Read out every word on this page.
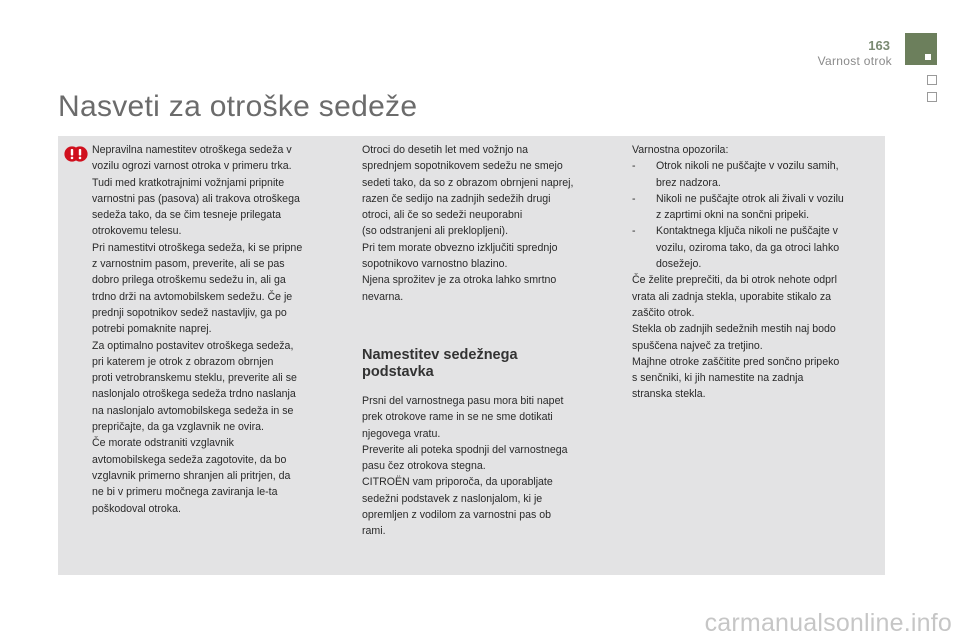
163
Varnost otrok
Nasveti za otroške sedeže

Nepravilna namestitev otroškega sedeža v
vozilu ogrozi varnost otroka v primeru trka.
Tudi med kratkotrajnimi vožnjami pripnite
varnostni pas (pasova) ali trakova otroškega
sedeža tako, da se čim tesneje prilegata
otrokovemu telesu.
Pri namestitvi otroškega sedeža, ki se pripne
z varnostnim pasom, preverite, ali se pas
dobro prilega otroškemu sedežu in, ali ga
trdno drži na avtomobilskem sedežu. Če je
prednji sopotnikov sedež nastavljiv, ga po
potrebi pomaknite naprej.
Za optimalno postavitev otroškega sedeža,
pri katerem je otrok z obrazom obrnjen
proti vetrobranskemu steklu, preverite ali se
naslonjalo otroškega sedeža trdno naslanja
na naslonjalo avtomobilskega sedeža in se
prepričajte, da ga vzglavnik ne ovira.
Če morate odstraniti vzglavnik
avtomobilskega sedeža zagotovite, da bo
vzglavnik primerno shranjen ali pritrjen, da
ne bi v primeru močnega zaviranja le-ta
poškodoval otroka.

Otroci do desetih let med vožnjo na
sprednjem sopotnikovem sedežu ne smejo
sedeti tako, da so z obrazom obrnjeni naprej,
razen če sedijo na zadnjih sedežih drugi
otroci, ali če so sedeži neuporabni
(so odstranjeni ali preklopljeni).
Pri tem morate obvezno izključiti sprednjo
sopotnikovo varnostno blazino.
Njena sprožitev je za otroka lahko smrtno
nevarna.

Namestitev sedežnega
podstavka

Prsni del varnostnega pasu mora biti napet
prek otrokove rame in se ne sme dotikati
njegovega vratu.
Preverite ali poteka spodnji del varnostnega
pasu čez otrokova stegna.
CITROËN vam priporoča, da uporabljate
sedežni podstavek z naslonjalom, ki je
opremljen z vodilom za varnostni pas ob
rami.

Varnostna opozorila:

- Otrok nikoli ne puščajte v vozilu samih,
brez nadzora.

- Nikoli ne puščajte otrok ali živali v vozilu
z zaprtimi okni na sončni pripeki.

- Kontaktnega ključa nikoli ne puščajte v
vozilu, oziroma tako, da ga otroci lahko
dosežejo.

Če želite preprečiti, da bi otrok nehote odprl
vrata ali zadnja stekla, uporabite stikalo za
zaščito otrok.
Stekla ob zadnjih sedežnih mestih naj bodo
spuščena največ za tretjino.
Majhne otroke zaščitite pred sončno pripeko
s senčniki, ki jih namestite na zadnja
stranska stekla.

carmanualsonline.info
